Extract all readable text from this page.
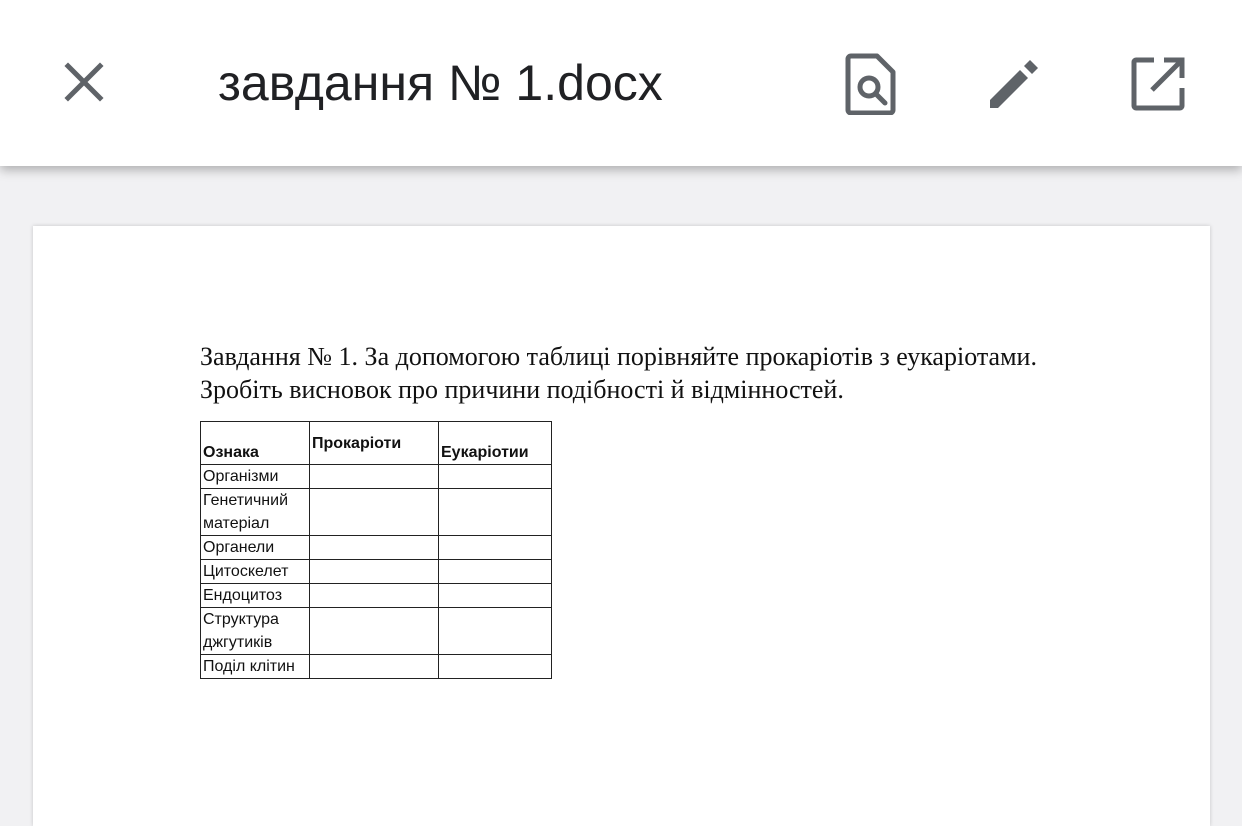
завдання № 1.docx

Завдання № 1. За допомогою таблиці порівняйте прокаріотів з еукаріотами.

Зробіть висновок про причини подібності й відмінностей.

Ознака	Прокаріоти	Еукаріотии
Організми		
Генетичний матеріал		
Органели		
Цитоскелет		
Ендоцитоз		
Структура джгутиків		
Поділ клітин		
